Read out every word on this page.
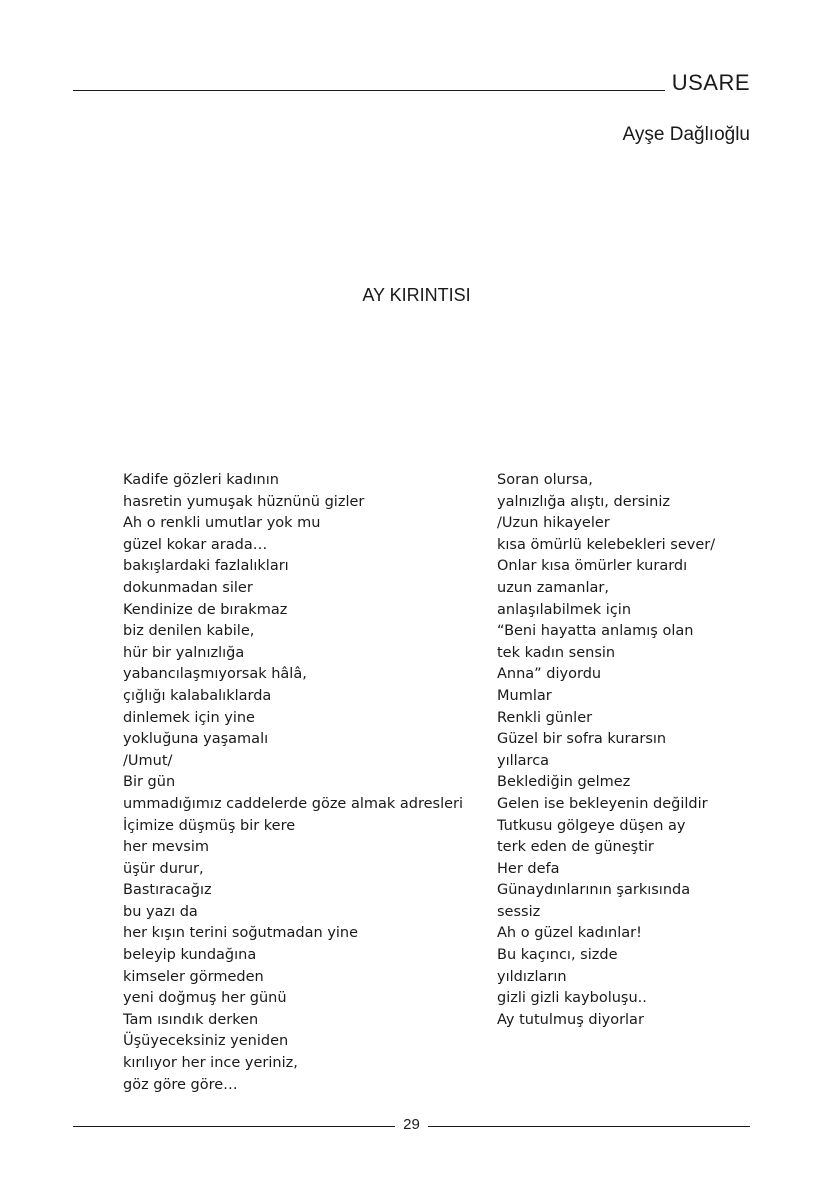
USARE
Ayşe Dağlıoğlu
AY KIRINTISI
Kadife gözleri kadının
hasretin yumuşak hüznünü gizler
Ah o renkli umutlar yok mu
güzel kokar arada…
bakışlardaki fazlalıkları
dokunmadan siler
Kendinize de bırakmaz
biz denilen kabile,
hür bir yalnızlığa
yabancılaşmıyorsak hâlâ,
çığlığı kalabalıklarda
dinlemek için yine
yokluğuna yaşamalı
/Umut/
Bir gün
ummadığımız caddelerde göze almak adresleri
İçimize düşmüş bir kere
her mevsim
üşür durur,
Bastıracağız
bu yazı da
her kışın terini soğutmadan yine
beleyip kundağına
kimseler görmeden
yeni doğmuş her günü
Tam ısındık derken
Üşüyeceksiniz yeniden
kırılıyor her ince yeriniz,
göz göre göre…
Soran olursa,
yalnızlığa alıştı, dersiniz
/Uzun hikayeler
kısa ömürlü kelebekleri sever/
Onlar kısa ömürler kurardı
uzun zamanlar,
anlaşılabilmek için
“Beni hayatta anlamış olan
tek kadın sensin
Anna” diyordu
Mumlar
Renkli günler
Güzel bir sofra kurarsın
yıllarca
Beklediğin gelmez
Gelen ise bekleyenin değildir
Tutkusu gölgeye düşen ay
terk eden de güneştir
Her defa
Günaydınlarının şarkısında
sessiz
Ah o güzel kadınlar!
Bu kaçıncı, sizde
yıldızların
gizli gizli kayboluşu..
Ay tutulmuş diyorlar
29
